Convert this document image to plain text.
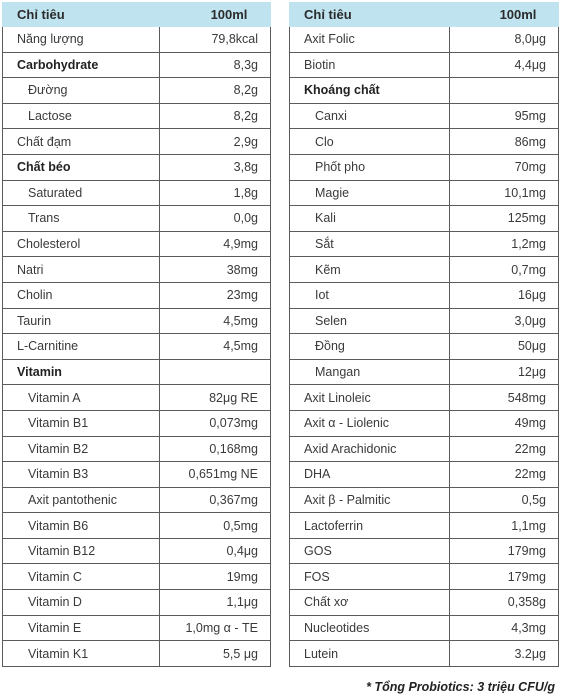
Chỉ tiêu	100ml
Năng lượng	79,8kcal
Carbohydrate	8,3g
Đường	8,2g
Lactose	8,2g
Chất đạm	2,9g
Chất béo	3,8g
Saturated	1,8g
Trans	0,0g
Cholesterol	4,9mg
Natri	38mg
Cholin	23mg
Taurin	4,5mg
L-Carnitine	4,5mg
Vitamin	
Vitamin A	82μg RE
Vitamin B1	0,073mg
Vitamin B2	0,168mg
Vitamin B3	0,651mg NE
Axit pantothenic	0,367mg
Vitamin B6	0,5mg
Vitamin B12	0,4μg
Vitamin C	19mg
Vitamin D	1,1μg
Vitamin E	1,0mg α - TE
Vitamin K1	5,5 μg
Chỉ tiêu	100ml
Axit Folic	8,0μg
Biotin	4,4μg
Khoáng chất	
Canxi	95mg
Clo	86mg
Phốt pho	70mg
Magie	10,1mg
Kali	125mg
Sắt	1,2mg
Kẽm	0,7mg
Iot	16μg
Selen	3,0μg
Đồng	50μg
Mangan	12μg
Axit Linoleic	548mg
Axit α - Liolenic	49mg
Axid Arachidonic	22mg
DHA	22mg
Axit β - Palmitic	0,5g
Lactoferrin	1,1mg
GOS	179mg
FOS	179mg
Chất xơ	0,358g
Nucleotides	4,3mg
Lutein	3.2μg
* Tổng Probiotics: 3 triệu CFU/g
